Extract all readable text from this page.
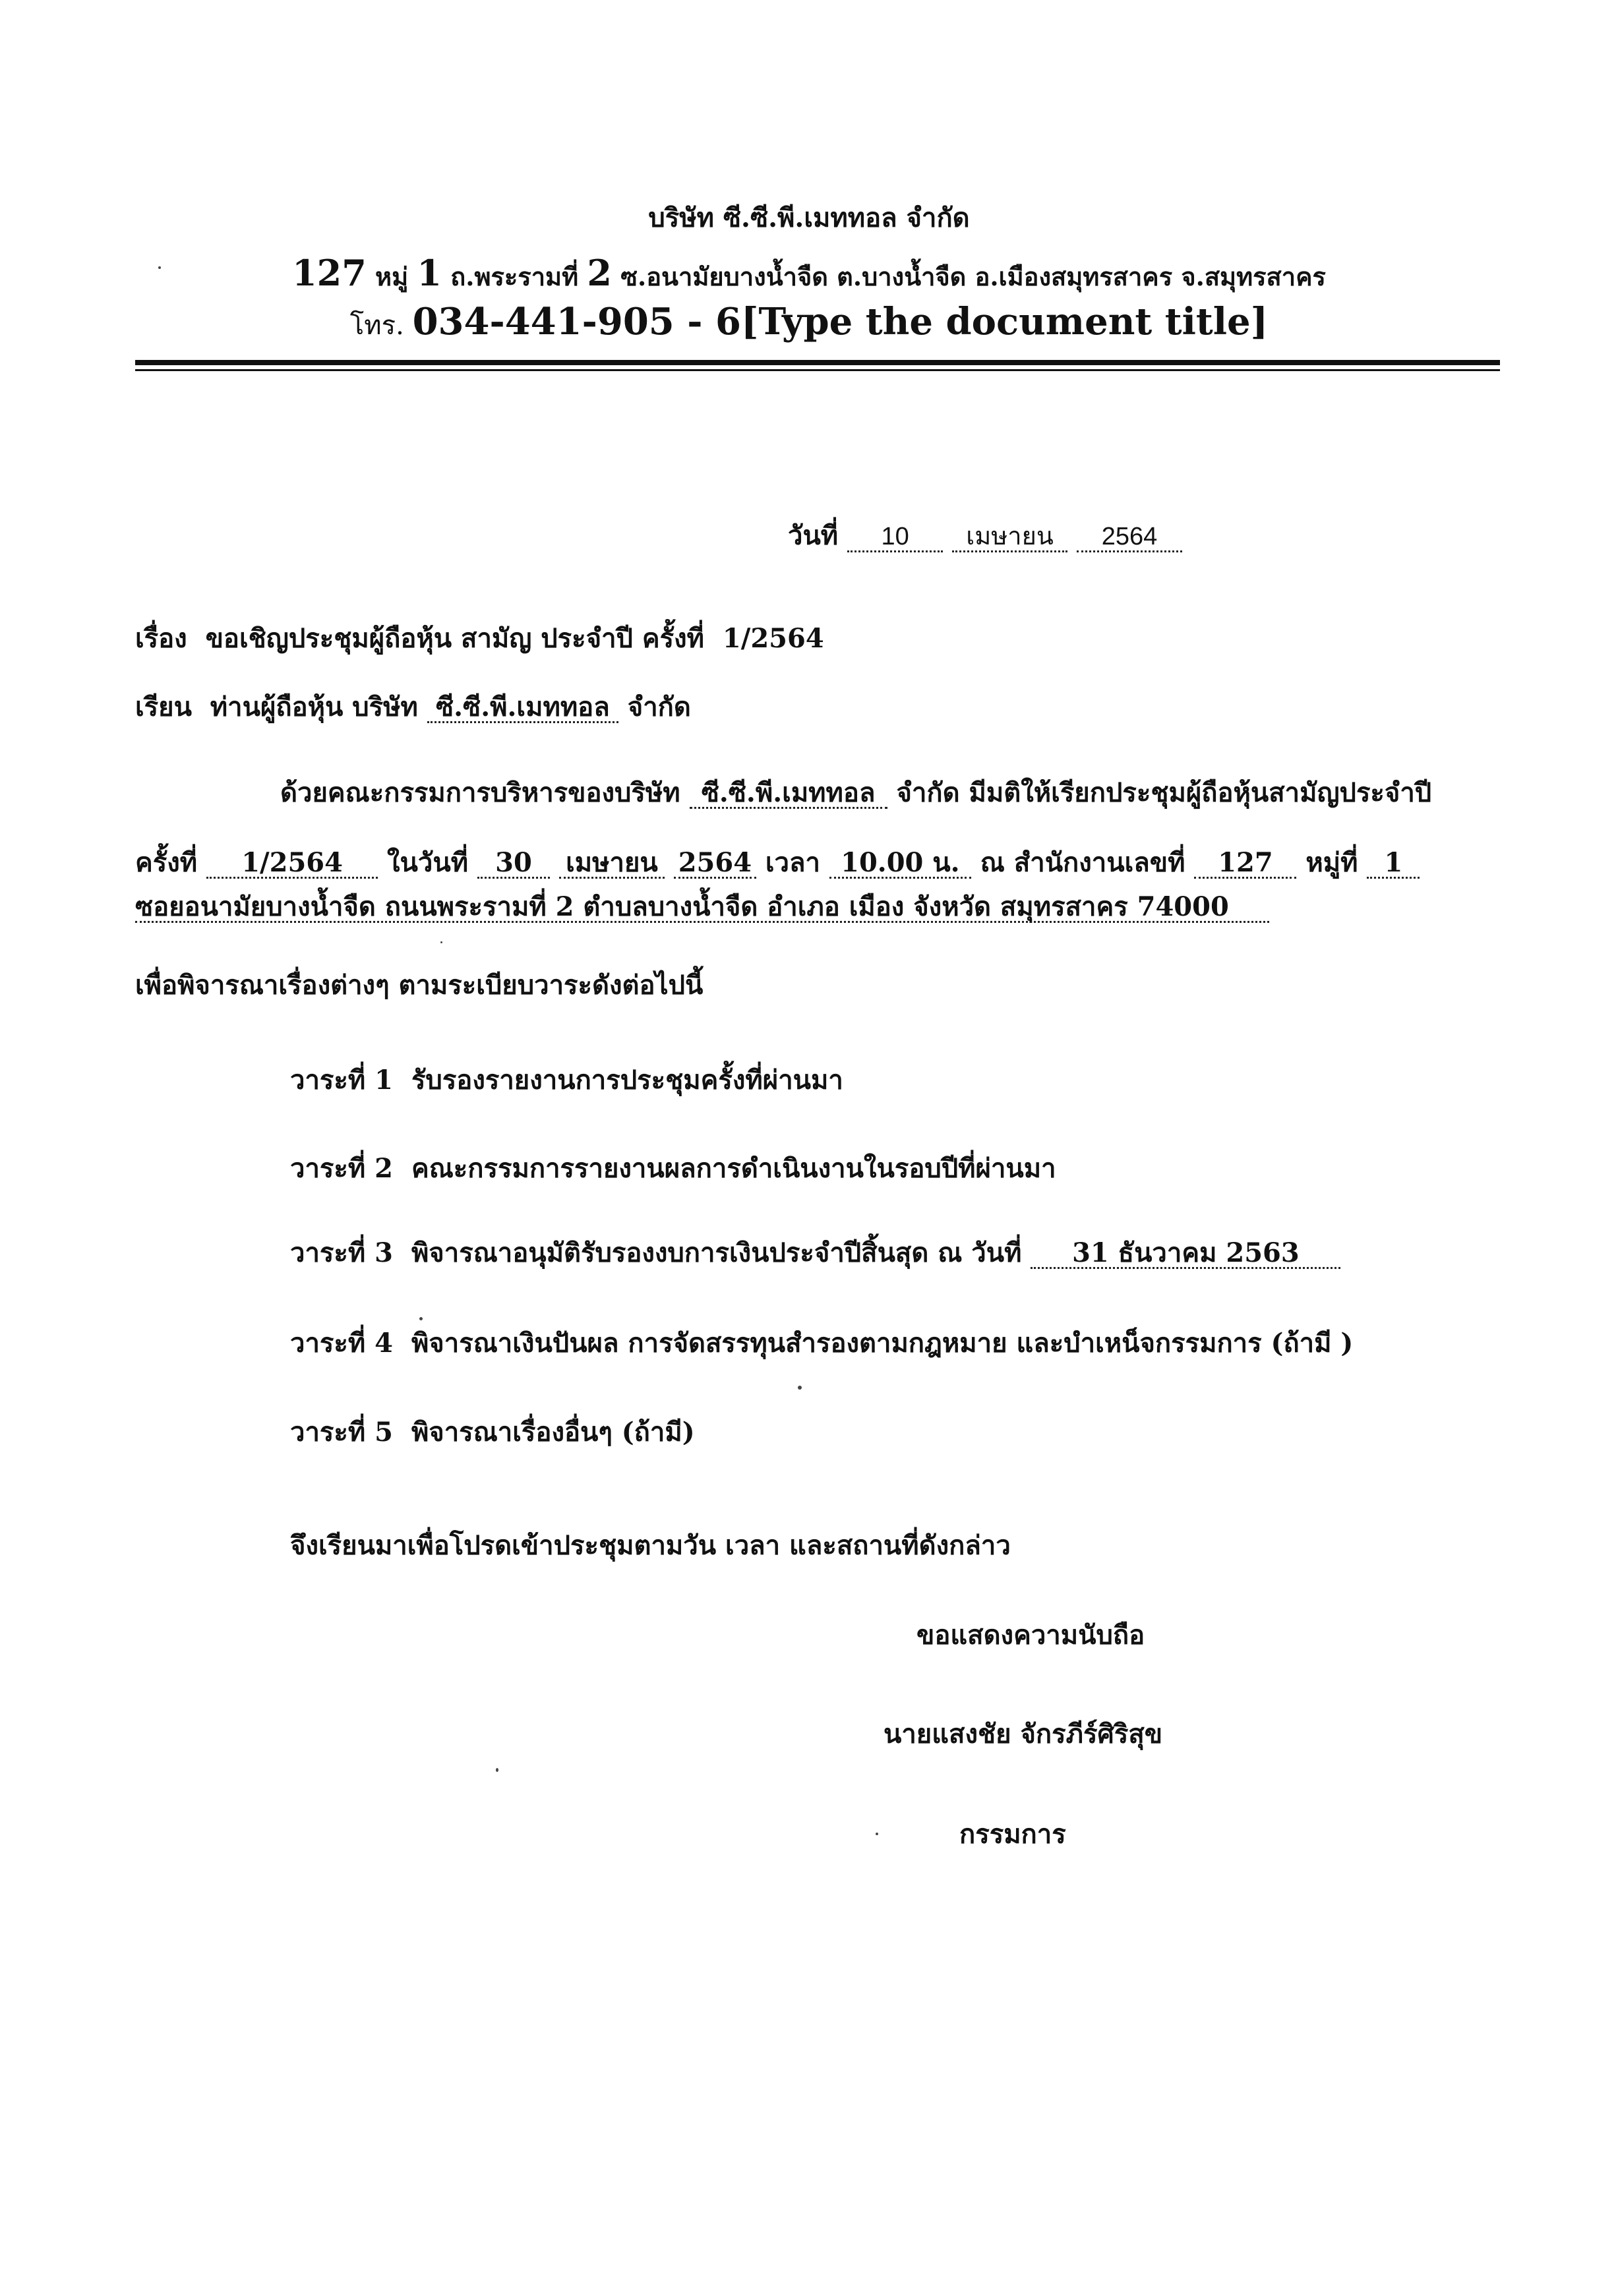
บริษัท ซี.ซี.พี.เมททอล จำกัด
127 หมู่ 1 ถ.พระรามที่ 2 ซ.อนามัยบางน้ำจืด ต.บางน้ำจืด อ.เมืองสมุทรสาคร จ.สมุทรสาคร
โทร. 034-441-905 - 6[Type the document title]
วันที่ 10 เมษายน 2564
เรื่อง ขอเชิญประชุมผู้ถือหุ้น สามัญ ประจำปี ครั้งที่ 1/2564
เรียน ท่านผู้ถือหุ้น บริษัท ซี.ซี.พี.เมททอล จำกัด
ด้วยคณะกรรมการบริหารของบริษัท ซี.ซี.พี.เมททอล จำกัด มีมติให้เรียกประชุมผู้ถือหุ้นสามัญประจำปี
ครั้งที่ 1/2564 ในวันที่ 30 เมษายน 2564 เวลา 10.00 น. ณ สำนักงานเลขที่ 127 หมู่ที่ 1
ซอยอนามัยบางน้ำจืด ถนนพระรามที่ 2 ตำบลบางน้ำจืด อำเภอ เมือง จังหวัด สมุทรสาคร 74000
เพื่อพิจารณาเรื่องต่างๆ ตามระเบียบวาระดังต่อไปนี้
วาระที่ 1 รับรองรายงานการประชุมครั้งที่ผ่านมา
วาระที่ 2 คณะกรรมการรายงานผลการดำเนินงานในรอบปีที่ผ่านมา
วาระที่ 3 พิจารณาอนุมัติรับรองงบการเงินประจำปีสิ้นสุด ณ วันที่ 31 ธันวาคม 2563
วาระที่ 4 พิจารณาเงินปันผล การจัดสรรทุนสำรองตามกฎหมาย และบำเหน็จกรรมการ (ถ้ามี )
วาระที่ 5 พิจารณาเรื่องอื่นๆ (ถ้ามี)
จึงเรียนมาเพื่อโปรดเข้าประชุมตามวัน เวลา และสถานที่ดังกล่าว
ขอแสดงความนับถือ
นายแสงชัย จักรภีร์ศิริสุข
กรรมการ
